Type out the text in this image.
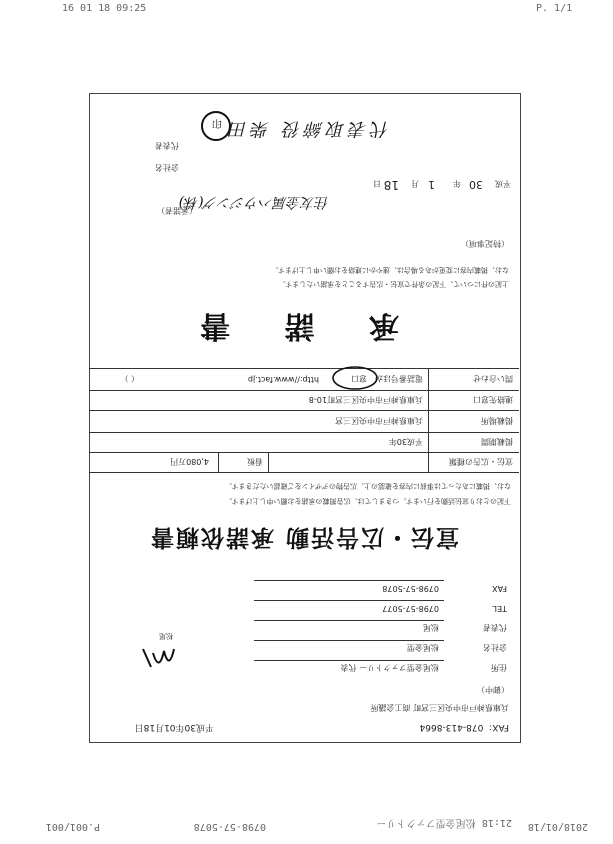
16 01 18 09:25	P. 1/1
2018/01/18
21:18 松尾金型ファクトリー
0798-57-5078
P.001/001
FAX：078-413-8664
平成30年01月18日
兵庫県神戸市中央区三宮町 商工会議所
（御中）
住所
松尾金型ファクトリー 代表
会社名
松尾金型
代表者
松尾
TEL
0798-57-5077
FAX
0798-57-5078
松尾
宣伝・広告活動 承諾依頼書
下記のとおり宣伝活動を行います。つきましては、広告掲載の承諾をお願い申し上げます。
なお、掲載にあたっては事前に内容を確認の上、広告物のデザインをご確認いただきます。
宣伝・広告の種類
看板
4,080万円
掲載期間
平成30年
掲載場所
兵庫県神戸市中央区三宮
連絡先窓口
兵庫県神戸市中央区三宮町10-8
問い合わせ
電話番号ほか
窓口
http://www.fact.jp
（ ）
承 諾 書
上記の件について、下記の条件で宣伝・広告することを承諾いたします。
なお、掲載内容に変更がある場合は、速やかに連絡をお願い申し上げます。
（特記事項）
平成
30
年
1
月
18
日
（承諾者）
住友金属ハウジング(株)
会社名
代表者
代表取締役 柴田
印
